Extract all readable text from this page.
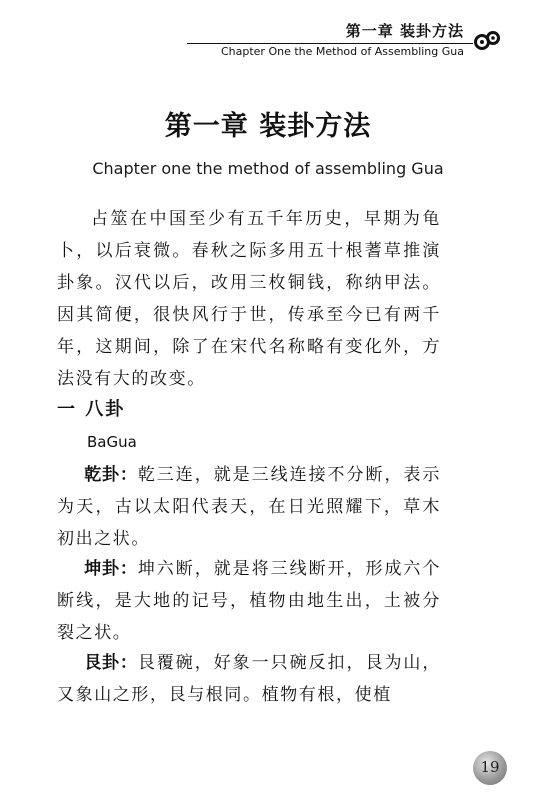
第一章 装卦方法
Chapter One the Method of Assembling Gua
第一章 装卦方法
Chapter one the method of assembling Gua
占筮在中国至少有五千年历史，早期为龟卜，以后衰微。春秋之际多用五十根蓍草推演卦象。汉代以后，改用三枚铜钱，称纳甲法。因其简便，很快风行于世，传承至今已有两千年，这期间，除了在宋代名称略有变化外，方法没有大的改变。
一 八卦
BaGua
乾卦：乾三连，就是三线连接不分断，表示为天，古以太阳代表天，在日光照耀下，草木初出之状。
坤卦：坤六断，就是将三线断开，形成六个断线，是大地的记号，植物由地生出，土被分裂之状。
艮卦：艮覆碗，好象一只碗反扣，艮为山，又象山之形，艮与根同。植物有根，使植
19
